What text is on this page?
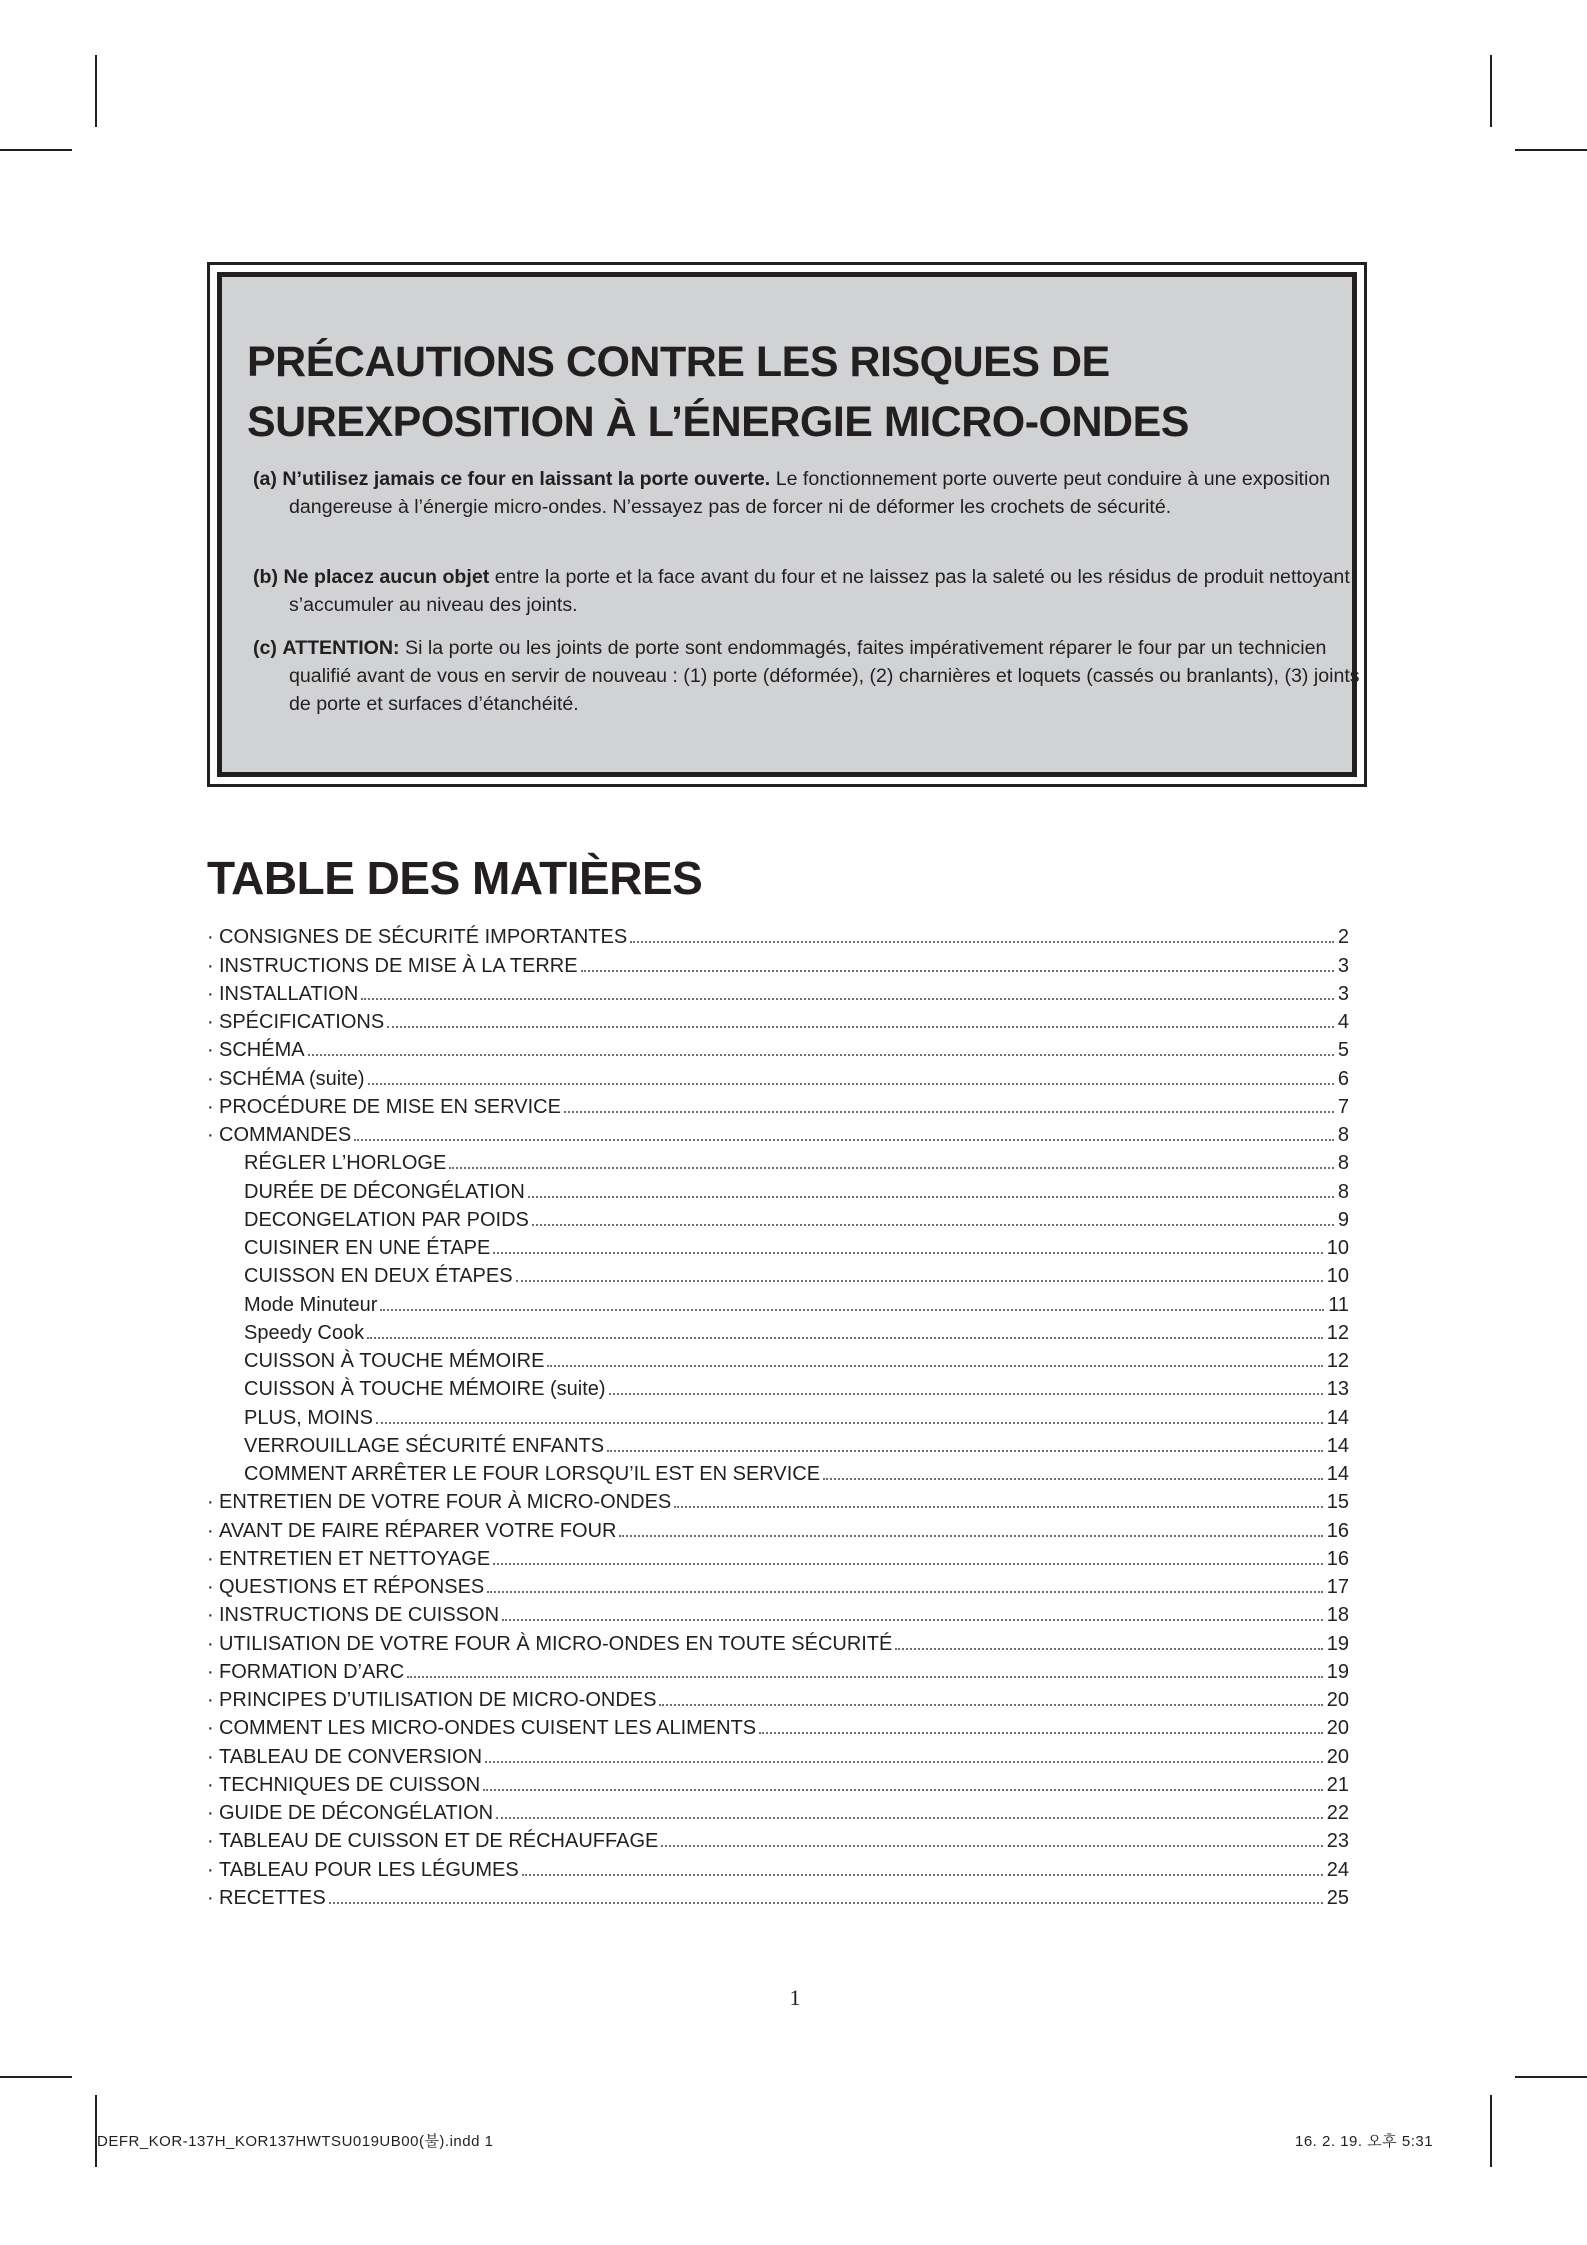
PRÉCAUTIONS CONTRE LES RISQUES DE
SUREXPOSITION À L’ÉNERGIE MICRO-ONDES
(a) N’utilisez jamais ce four en laissant la porte ouverte. Le fonctionnement porte ouverte peut conduire à une exposition dangereuse à l’énergie micro-ondes. N’essayez pas de forcer ni de déformer les crochets de sécurité.
(b) Ne placez aucun objet entre la porte et la face avant du four et ne laissez pas la saleté ou les résidus de produit nettoyant s’accumuler au niveau des joints.
(c) ATTENTION: Si la porte ou les joints de porte sont endommagés, faites impérativement réparer le four par un technicien qualifié avant de vous en servir de nouveau : (1) porte (déformée), (2) charnières et loquets (cassés ou branlants), (3) joints de porte et surfaces d’étanchéité.
TABLE DES MATIÈRES
· CONSIGNES DE SÉCURITÉ IMPORTANTES	2
· INSTRUCTIONS DE MISE À LA TERRE	3
· INSTALLATION	3
· SPÉCIFICATIONS	4
· SCHÉMA	5
· SCHÉMA (suite)	6
· PROCÉDURE DE MISE EN SERVICE	7
· COMMANDES	8
RÉGLER L’HORLOGE	8
DURÉE DE DÉCONGÉLATION	8
DECONGELATION PAR POIDS	9
CUISINER EN UNE ÉTAPE	10
CUISSON EN DEUX ÉTAPES	10
Mode Minuteur	11
Speedy Cook	12
CUISSON À TOUCHE MÉMOIRE	12
CUISSON À TOUCHE MÉMOIRE (suite)	13
PLUS, MOINS	14
VERROUILLAGE SÉCURITÉ ENFANTS	14
COMMENT ARRÊTER LE FOUR LORSQU’IL EST EN SERVICE	14
· ENTRETIEN DE VOTRE FOUR À MICRO-ONDES	15
· AVANT DE FAIRE RÉPARER VOTRE FOUR	16
· ENTRETIEN ET NETTOYAGE	16
· QUESTIONS ET RÉPONSES	17
· INSTRUCTIONS DE CUISSON	18
· UTILISATION DE VOTRE FOUR À MICRO-ONDES EN TOUTE SÉCURITÉ	19
· FORMATION D’ARC	19
· PRINCIPES D’UTILISATION DE MICRO-ONDES	20
· COMMENT LES MICRO-ONDES CUISENT LES ALIMENTS	20
· TABLEAU DE CONVERSION	20
· TECHNIQUES DE CUISSON	21
· GUIDE DE DÉCONGÉLATION	22
· TABLEAU DE CUISSON ET DE RÉCHAUFFAGE	23
· TABLEAU POUR LES LÉGUMES	24
· RECETTES	25
1
DEFR_KOR-137H_KOR137HWTSU019UB00(불).indd 1	16. 2. 19. 오후 5:31
